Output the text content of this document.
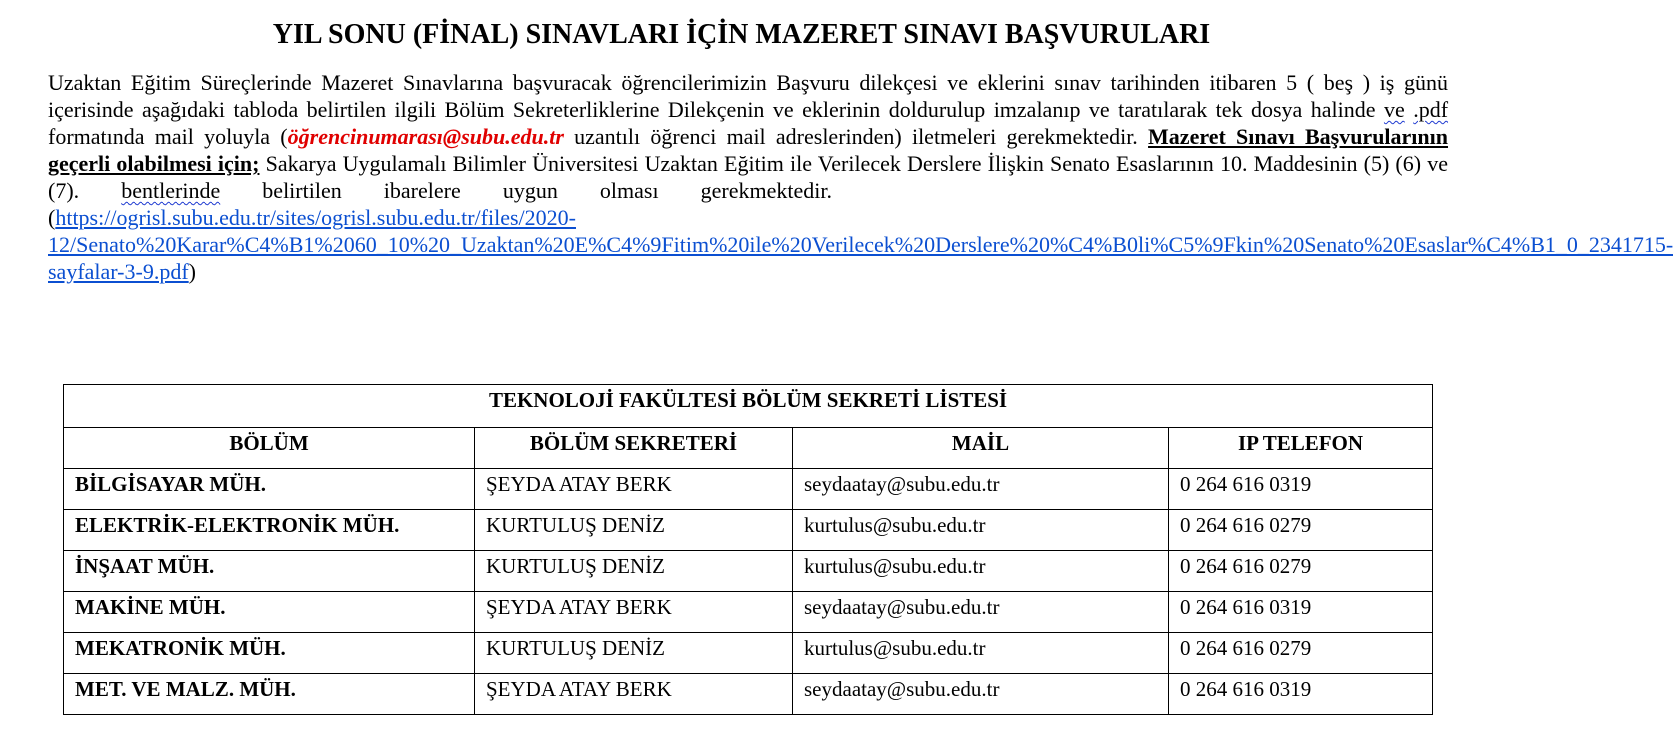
YIL SONU (FİNAL) SINAVLARI İÇİN MAZERET SINAVI BAŞVURULARI

Uzaktan Eğitim Süreçlerinde Mazeret Sınavlarına başvuracak öğrencilerimizin Başvuru dilekçesi ve eklerini sınav tarihinden itibaren 5 ( beş ) iş günü içerisinde aşağıdaki tabloda belirtilen ilgili Bölüm Sekreterliklerine Dilekçenin ve eklerinin doldurulup imzalanıp ve taratılarak tek dosya halinde ve .pdf formatında mail yoluyla (öğrencinumarası@subu.edu.tr uzantılı öğrenci mail adreslerinden) iletmeleri gerekmektedir. Mazeret Sınavı Başvurularının geçerli olabilmesi için; Sakarya Uygulamalı Bilimler Üniversitesi Uzaktan Eğitim ile Verilecek Derslere İlişkin Senato Esaslarının 10. Maddesinin (5) (6) ve (7). bentlerinde belirtilen ibarelere uygun olması gerekmektedir.(https://ogrisl.subu.edu.tr/sites/ogrisl.subu.edu.tr/files/2020-12/Senato%20Karar%C4%B1%2060_10%20_Uzaktan%20E%C4%9Fitim%20ile%20Verilecek%20Derslere%20%C4%B0li%C5%9Fkin%20Senato%20Esaslar%C4%B1_0_2341715-sayfalar-3-9.pdf)

TEKNOLOJİ FAKÜLTESİ BÖLÜM SEKRETİ LİSTESİ			
BÖLÜM	BÖLÜM SEKRETERİ	MAİL	IP TELEFON
BİLGİSAYAR MÜH.	ŞEYDA ATAY BERK	seydaatay@subu.edu.tr	0 264 616 0319
ELEKTRİK-ELEKTRONİK MÜH.	KURTULUŞ DENİZ	kurtulus@subu.edu.tr	0 264 616 0279
İNŞAAT MÜH.	KURTULUŞ DENİZ	kurtulus@subu.edu.tr	0 264 616 0279
MAKİNE MÜH.	ŞEYDA ATAY BERK	seydaatay@subu.edu.tr	0 264 616 0319
MEKATRONİK MÜH.	KURTULUŞ DENİZ	kurtulus@subu.edu.tr	0 264 616 0279
MET. VE MALZ. MÜH.	ŞEYDA ATAY BERK	seydaatay@subu.edu.tr	0 264 616 0319
